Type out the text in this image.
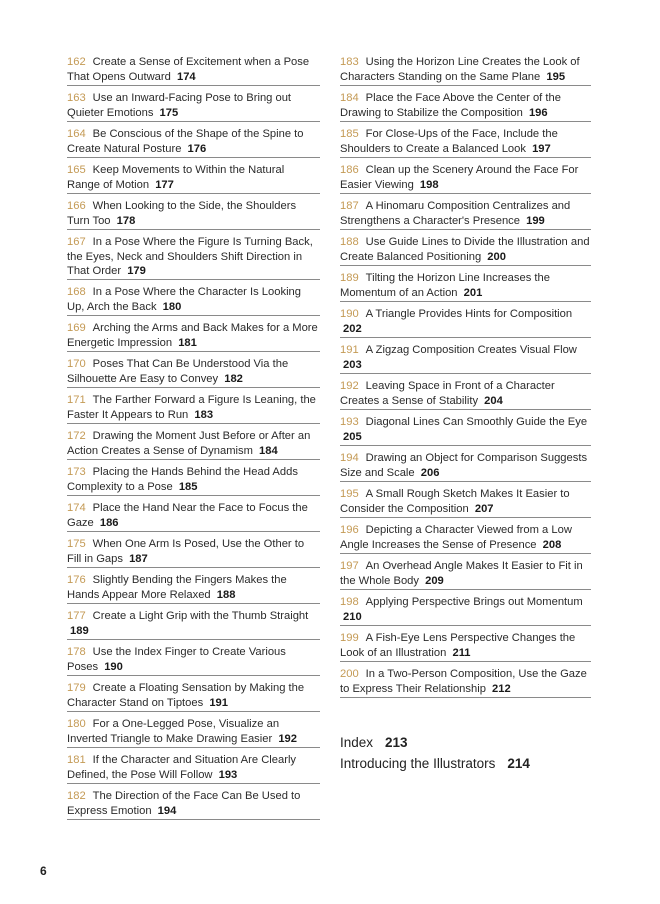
162 Create a Sense of Excitement when a Pose That Opens Outward 174
163 Use an Inward-Facing Pose to Bring out Quieter Emotions 175
164 Be Conscious of the Shape of the Spine to Create Natural Posture 176
165 Keep Movements to Within the Natural Range of Motion 177
166 When Looking to the Side, the Shoulders Turn Too 178
167 In a Pose Where the Figure Is Turning Back, the Eyes, Neck and Shoulders Shift Direction in That Order 179
168 In a Pose Where the Character Is Looking Up, Arch the Back 180
169 Arching the Arms and Back Makes for a More Energetic Impression 181
170 Poses That Can Be Understood Via the Silhouette Are Easy to Convey 182
171 The Farther Forward a Figure Is Leaning, the Faster It Appears to Run 183
172 Drawing the Moment Just Before or After an Action Creates a Sense of Dynamism 184
173 Placing the Hands Behind the Head Adds Complexity to a Pose 185
174 Place the Hand Near the Face to Focus the Gaze 186
175 When One Arm Is Posed, Use the Other to Fill in Gaps 187
176 Slightly Bending the Fingers Makes the Hands Appear More Relaxed 188
177 Create a Light Grip with the Thumb Straight 189
178 Use the Index Finger to Create Various Poses 190
179 Create a Floating Sensation by Making the Character Stand on Tiptoes 191
180 For a One-Legged Pose, Visualize an Inverted Triangle to Make Drawing Easier 192
181 If the Character and Situation Are Clearly Defined, the Pose Will Follow 193
182 The Direction of the Face Can Be Used to Express Emotion 194
183 Using the Horizon Line Creates the Look of Characters Standing on the Same Plane 195
184 Place the Face Above the Center of the Drawing to Stabilize the Composition 196
185 For Close-Ups of the Face, Include the Shoulders to Create a Balanced Look 197
186 Clean up the Scenery Around the Face For Easier Viewing 198
187 A Hinomaru Composition Centralizes and Strengthens a Character's Presence 199
188 Use Guide Lines to Divide the Illustration and Create Balanced Positioning 200
189 Tilting the Horizon Line Increases the Momentum of an Action 201
190 A Triangle Provides Hints for Composition 202
191 A Zigzag Composition Creates Visual Flow 203
192 Leaving Space in Front of a Character Creates a Sense of Stability 204
193 Diagonal Lines Can Smoothly Guide the Eye 205
194 Drawing an Object for Comparison Suggests Size and Scale 206
195 A Small Rough Sketch Makes It Easier to Consider the Composition 207
196 Depicting a Character Viewed from a Low Angle Increases the Sense of Presence 208
197 An Overhead Angle Makes It Easier to Fit in the Whole Body 209
198 Applying Perspective Brings out Momentum 210
199 A Fish-Eye Lens Perspective Changes the Look of an Illustration 211
200 In a Two-Person Composition, Use the Gaze to Express Their Relationship 212
Index 213
Introducing the Illustrators 214
6
